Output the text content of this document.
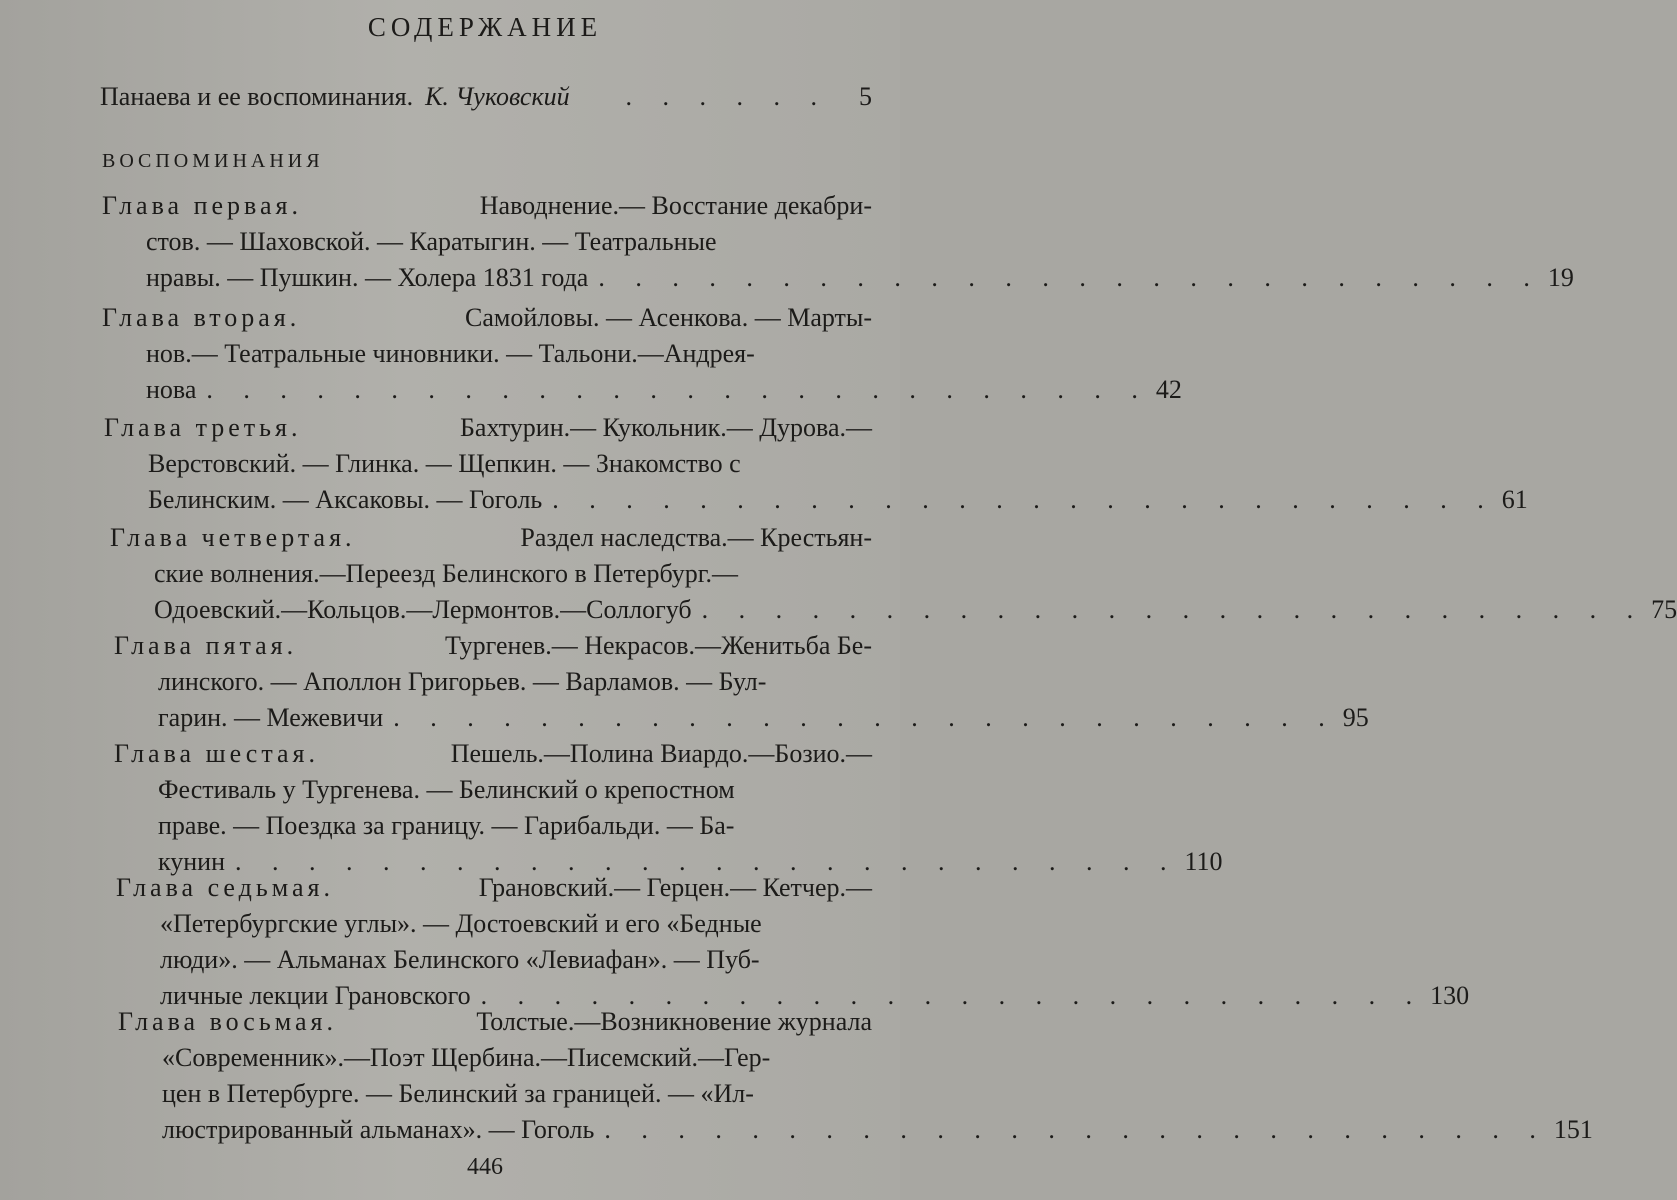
СОДЕРЖАНИЕ
Панаева и ее воспоминания. К. Чуковский	. . . . . .	5
ВОСПОМИНАНИЯ
Глава первая.	Наводнение.— Восстание декабри-
стов. — Шаховской. — Каратыгин. — Театральные
нравы. — Пушкин. — Холера 1831 года . . . . . . . . . . . . . . . . . . . . . . . . . . 19
Глава вторая.	Самойловы. — Асенкова. — Марты-
нов.— Театральные чиновники. — Тальони.—Андрея-
нова . . . . . . . . . . . . . . . . . . . . . . . . . . 42
Глава третья.	Бахтурин.— Кукольник.— Дурова.—
Верстовский. — Глинка. — Щепкин. — Знакомство с
Белинским. — Аксаковы. — Гоголь . . . . . . . . . . . . . . . . . . . . . . . . . . 61
Глава четвертая.	Раздел наследства.— Крестьян-
ские волнения.—Переезд Белинского в Петербург.—
Одоевский.—Кольцов.—Лермонтов.—Соллогуб . . . . . . . . . . . . . . . . . . . . . . . . . . 75
Глава пятая.	Тургенев.— Некрасов.—Женитьба Бе-
линского. — Аполлон Григорьев. — Варламов. — Бул-
гарин. — Межевичи . . . . . . . . . . . . . . . . . . . . . . . . . . 95
Глава шестая.	Пешель.—Полина Виардо.—Бозио.—
Фестиваль у Тургенева. — Белинский о крепостном
праве. — Поездка за границу. — Гарибальди. — Ба-
кунин . . . . . . . . . . . . . . . . . . . . . . . . . . 110
Глава седьмая.	Грановский.— Герцен.— Кетчер.—
«Петербургские углы». — Достоевский и его «Бедные
люди». — Альманах Белинского «Левиафан». — Пуб-
личные лекции Грановского . . . . . . . . . . . . . . . . . . . . . . . . . . 130
Глава восьмая.	Толстые.—Возникновение журнала
«Современник».—Поэт Щербина.—Писемский.—Гер-
цен в Петербурге. — Белинский за границей. — «Ил-
люстрированный альманах». — Гоголь . . . . . . . . . . . . . . . . . . . . . . . . . . 151
446
